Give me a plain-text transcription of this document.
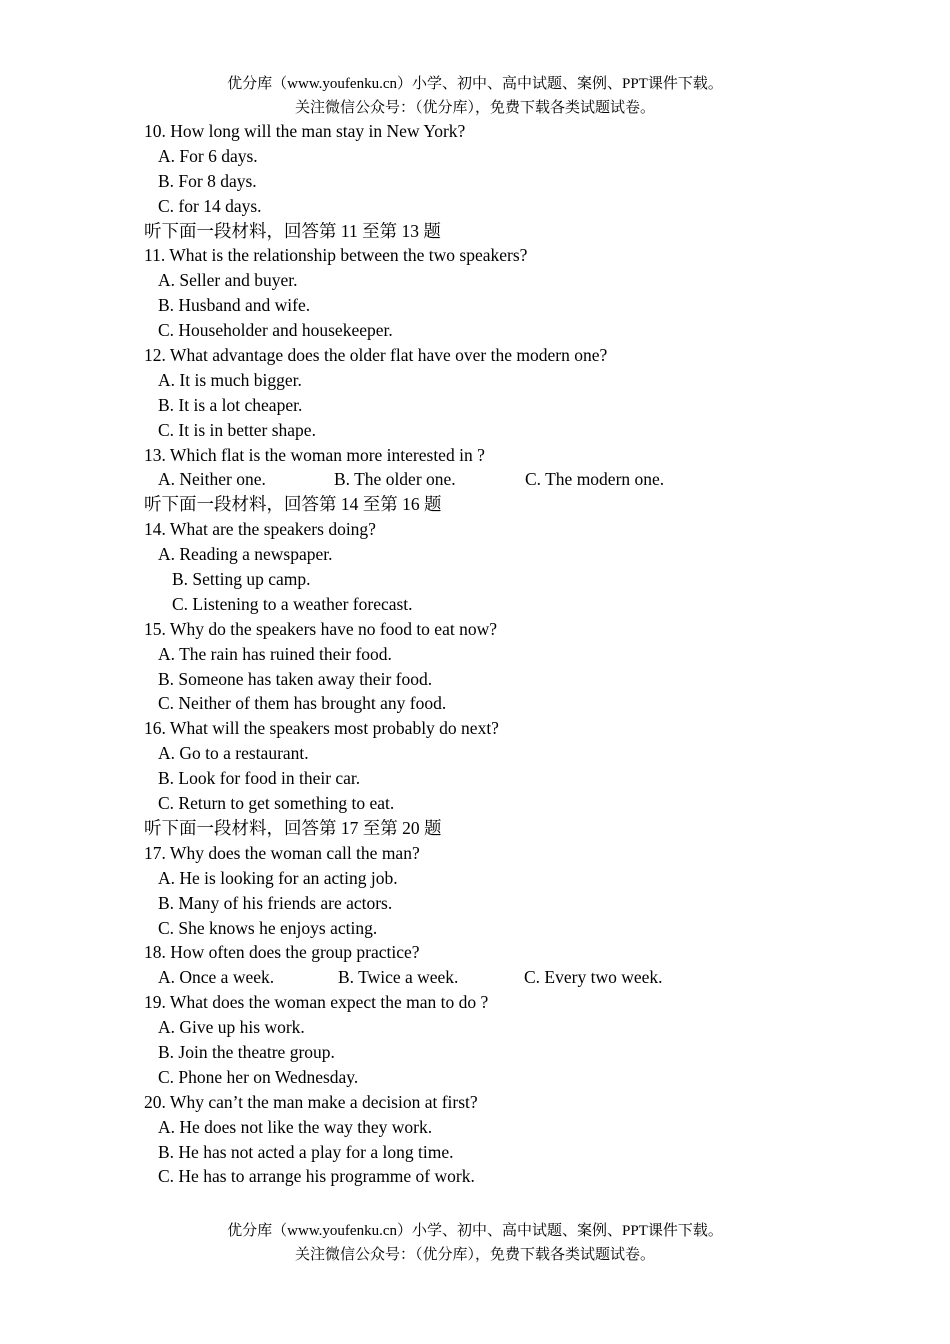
优分库（www.youfenku.cn）小学、初中、高中试题、案例、PPT课件下载。
关注微信公众号：（优分库），免费下载各类试题试卷。
10. How long will the man stay in New York?
A. For 6 days.
B. For 8 days.
C. for 14 days.
听下面一段材料，回答第 11 至第 13 题
11. What is the relationship between the two speakers?
A. Seller and buyer.
B. Husband and wife.
C. Householder and housekeeper.
12. What advantage does the older flat have over the modern one?
A. It is much bigger.
B. It is a lot cheaper.
C. It is in better shape.
13. Which flat is the woman more interested in ?
A. Neither one.	B. The older one.	C. The modern one.
听下面一段材料，回答第 14 至第 16 题
14. What are the speakers doing?
A. Reading a newspaper.
B. Setting up camp.
C. Listening to a weather forecast.
15. Why do the speakers have no food to eat now?
A. The rain has ruined their food.
B. Someone has taken away their food.
C. Neither of them has brought any food.
16. What will the speakers most probably do next?
A. Go to a restaurant.
B. Look for food in their car.
C. Return to get something to eat.
听下面一段材料，回答第 17 至第 20 题
17. Why does the woman call the man?
A. He is looking for an acting job.
B. Many of his friends are actors.
C. She knows he enjoys acting.
18. How often does the group practice?
A. Once a week.	B. Twice a week.	C. Every two week.
19. What does the woman expect the man to do ?
A. Give up his work.
B. Join the theatre group.
C. Phone her on Wednesday.
20. Why can’t the man make a decision at first?
A. He does not like the way they work.
B. He has not acted a play for a long time.
C. He has to arrange his programme of work.
优分库（www.youfenku.cn）小学、初中、高中试题、案例、PPT课件下载。
关注微信公众号：（优分库），免费下载各类试题试卷。
